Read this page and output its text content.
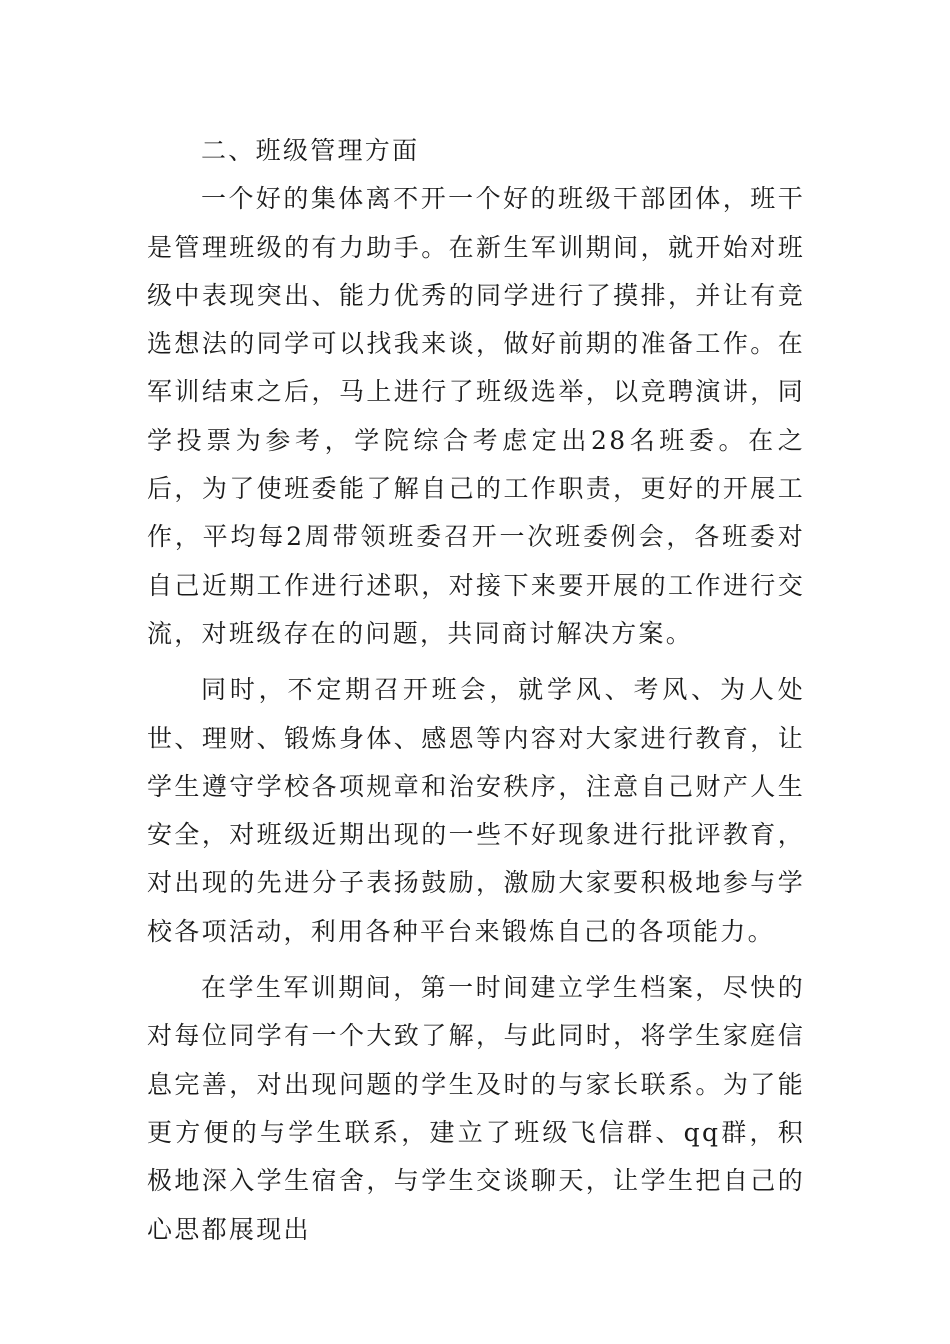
二、班级管理方面

一个好的集体离不开一个好的班级干部团体，班干是管理班级的有力助手。在新生军训期间，就开始对班级中表现突出、能力优秀的同学进行了摸排，并让有竞选想法的同学可以找我来谈，做好前期的准备工作。在军训结束之后，马上进行了班级选举，以竞聘演讲，同学投票为参考，学院综合考虑定出28名班委。在之后，为了使班委能了解自己的工作职责，更好的开展工作，平均每2周带领班委召开一次班委例会，各班委对自己近期工作进行述职，对接下来要开展的工作进行交流，对班级存在的问题，共同商讨解决方案。

同时，不定期召开班会，就学风、考风、为人处世、理财、锻炼身体、感恩等内容对大家进行教育，让学生遵守学校各项规章和治安秩序，注意自己财产人生安全，对班级近期出现的一些不好现象进行批评教育，对出现的先进分子表扬鼓励，激励大家要积极地参与学校各项活动，利用各种平台来锻炼自己的各项能力。

在学生军训期间，第一时间建立学生档案，尽快的对每位同学有一个大致了解，与此同时，将学生家庭信息完善，对出现问题的学生及时的与家长联系。为了能更方便的与学生联系，建立了班级飞信群、qq群，积极地深入学生宿舍，与学生交谈聊天，让学生把自己的心思都展现出
